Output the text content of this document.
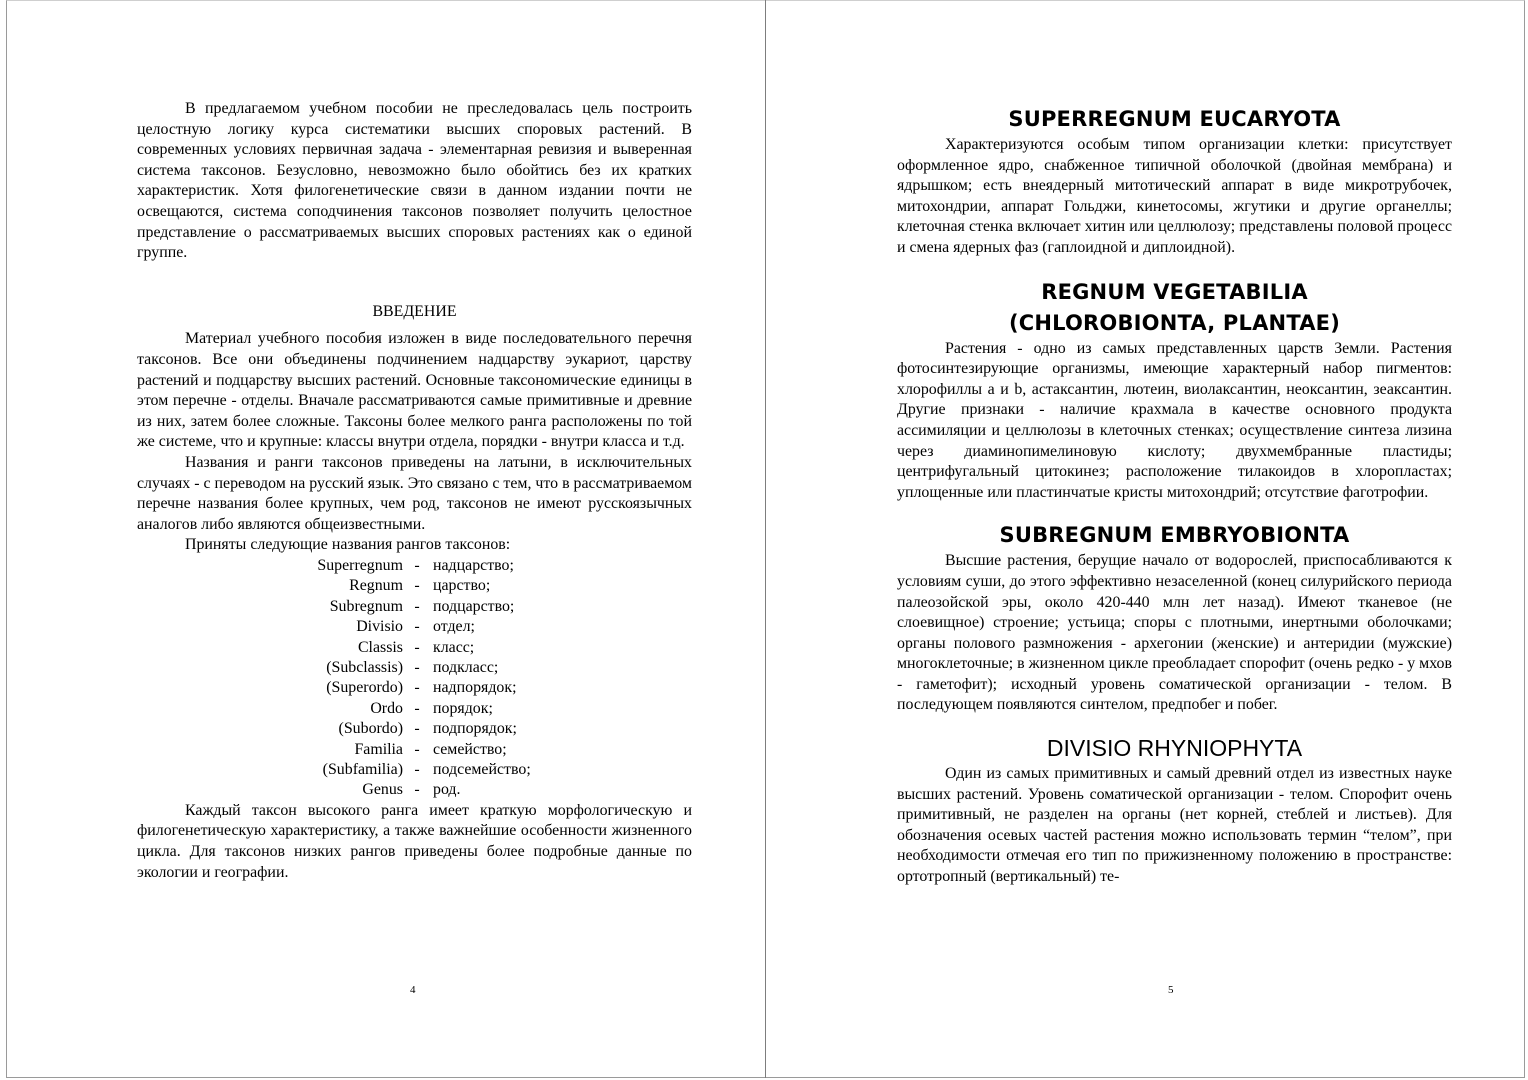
В предлагаемом учебном пособии не преследовалась цель построить целостную логику курса систематики высших споровых растений. В современных условиях первичная задача - элементарная ревизия и выверенная система таксонов. Безусловно, невозможно было обойтись без их кратких характеристик. Хотя филогенетические связи в данном издании почти не освещаются, система соподчинения таксонов позволяет получить целостное представление о рассматриваемых высших споровых растениях как о единой группе.

ВВЕДЕНИЕ

Материал учебного пособия изложен в виде последовательного перечня таксонов. Все они объединены подчинением надцарству эукариот, царству растений и подцарству высших растений. Основные таксономические единицы в этом перечне - отделы. Вначале рассматриваются самые примитивные и древние из них, затем более сложные. Таксоны более мелкого ранга расположены по той же системе, что и крупные: классы внутри отдела, порядки - внутри класса и т.д.

Названия и ранги таксонов приведены на латыни, в исключительных случаях - с переводом на русский язык. Это связано с тем, что в рассматриваемом перечне названия более крупных, чем род, таксонов не имеют русскоязычных аналогов либо являются общеизвестными.

Приняты следующие названия рангов таксонов:

Superregnum	-	надцарство;
Regnum	-	царство;
Subregnum	-	подцарство;
Divisio	-	отдел;
Classis	-	класс;
(Subclassis)	-	подкласс;
(Superordo)	-	надпорядок;
Ordo	-	порядок;
(Subordo)	-	подпорядок;
Familia	-	семейство;
(Subfamilia)	-	подсемейство;
Genus	-	род.

Каждый таксон высокого ранга имеет краткую морфологическую и филогенетическую характеристику, а также важнейшие особенности жизненного цикла. Для таксонов низких рангов приведены более подробные данные по экологии и географии.

4
SUPERREGNUM EUCARYOTA

Характеризуются особым типом организации клетки: присутствует оформленное ядро, снабженное типичной оболочкой (двойная мембрана) и ядрышком; есть внеядерный митотический аппарат в виде микротрубочек, митохондрии, аппарат Гольджи, кинетосомы, жгутики и другие органеллы; клеточная стенка включает хитин или целлюлозу; представлены половой процесс и смена ядерных фаз (гаплоидной и диплоидной).

REGNUM VEGETABILIA
(CHLOROBIONTA, PLANTAE)

Растения - одно из самых представленных царств Земли. Растения фотосинтезирующие организмы, имеющие характерный набор пигментов: хлорофиллы a и b, астаксантин, лютеин, виолаксантин, неоксантин, зеаксантин. Другие признаки - наличие крахмала в качестве основного продукта ассимиляции и целлюлозы в клеточных стенках; осуществление синтеза лизина через диаминопимелиновую кислоту; двухмембранные пластиды; центрифугальный цитокинез; расположение тилакоидов в хлоропластах; уплощенные или пластинчатые кристы митохондрий; отсутствие фаготрофии.

SUBREGNUM EMBRYOBIONTA

Высшие растения, берущие начало от водорослей, приспосабливаются к условиям суши, до этого эффективно незаселенной (конец силурийского периода палеозойской эры, около 420-440 млн лет назад). Имеют тканевое (не слоевищное) строение; устьица; споры с плотными, инертными оболочками; органы полового размножения - архегонии (женские) и антеридии (мужские) многоклеточные; в жизненном цикле преобладает спорофит (очень редко - у мхов - гаметофит); исходный уровень соматической организации - телом. В последующем появляются синтелом, предпобег и побег.

DIVISIO RHYNIOPHYTA

Один из самых примитивных и самый древний отдел из известных науке высших растений. Уровень соматической организации - телом. Спорофит очень примитивный, не разделен на органы (нет корней, стеблей и листьев). Для обозначения осевых частей растения можно использовать термин “телом”, при необходимости отмечая его тип по прижизненному положению в пространстве: ортотропный (вертикальный) те-

5
